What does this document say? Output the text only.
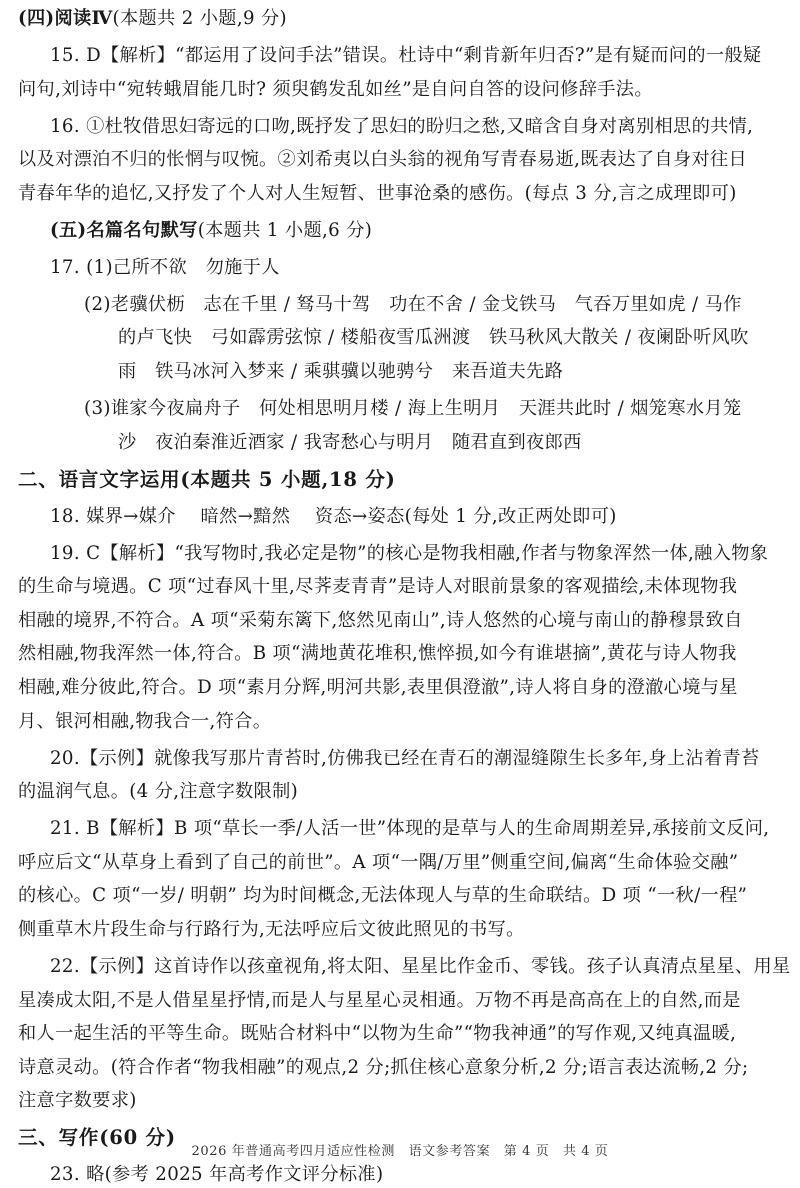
(四)阅读Ⅳ(本题共 2 小题,9 分)
15. D【解析】“都运用了设问手法”错误。杜诗中“剩肯新年归否?”是有疑而问的一般疑
问句,刘诗中“宛转蛾眉能几时? 须臾鹤发乱如丝”是自问自答的设问修辞手法。
16. ①杜牧借思妇寄远的口吻,既抒发了思妇的盼归之愁,又暗含自身对离别相思的共情,
以及对漂泊不归的怅惘与叹惋。②刘希夷以白头翁的视角写青春易逝,既表达了自身对往日
青春年华的追忆,又抒发了个人对人生短暂、世事沧桑的感伤。(每点 3 分,言之成理即可)
(五)名篇名句默写(本题共 1 小题,6 分)
17. (1)己所不欲　勿施于人
(2)老骥伏枥　志在千里 / 驽马十驾　功在不舍 / 金戈铁马　气吞万里如虎 / 马作
的卢飞快　弓如霹雳弦惊 / 楼船夜雪瓜洲渡　铁马秋风大散关 / 夜阑卧听风吹
雨　铁马冰河入梦来 / 乘骐骥以驰骋兮　来吾道夫先路
(3)谁家今夜扁舟子　何处相思明月楼 / 海上生明月　天涯共此时 / 烟笼寒水月笼
沙　夜泊秦淮近酒家 / 我寄愁心与明月　随君直到夜郎西
二、语言文字运用(本题共 5 小题,18 分)
18. 媒界→媒介　 暗然→黯然　 资态→姿态(每处 1 分,改正两处即可)
19. C【解析】“我写物时,我必定是物”的核心是物我相融,作者与物象浑然一体,融入物象
的生命与境遇。C 项“过春风十里,尽荠麦青青”是诗人对眼前景象的客观描绘,未体现物我
相融的境界,不符合。A 项“采菊东篱下,悠然见南山”,诗人悠然的心境与南山的静穆景致自
然相融,物我浑然一体,符合。B 项“满地黄花堆积,憔悴损,如今有谁堪摘”,黄花与诗人物我
相融,难分彼此,符合。D 项“素月分辉,明河共影,表里俱澄澈”,诗人将自身的澄澈心境与星
月、银河相融,物我合一,符合。
20.【示例】就像我写那片青苔时,仿佛我已经在青石的潮湿缝隙生长多年,身上沾着青苔
的温润气息。(4 分,注意字数限制)
21. B【解析】B 项“草长一季/人活一世”体现的是草与人的生命周期差异,承接前文反问,
呼应后文“从草身上看到了自己的前世”。A 项“一隅/万里”侧重空间,偏离“生命体验交融”
的核心。C 项“一岁/ 明朝” 均为时间概念,无法体现人与草的生命联结。D 项 “一秋/一程”
侧重草木片段生命与行路行为,无法呼应后文彼此照见的书写。
22.【示例】这首诗作以孩童视角,将太阳、星星比作金币、零钱。孩子认真清点星星、用星
星凑成太阳,不是人借星星抒情,而是人与星星心灵相通。万物不再是高高在上的自然,而是
和人一起生活的平等生命。既贴合材料中“以物为生命”“物我神通”的写作观,又纯真温暖,
诗意灵动。(符合作者“物我相融”的观点,2 分;抓住核心意象分析,2 分;语言表达流畅,2 分;
注意字数要求)
2026 年普通高考四月适应性检测　语文参考答案　第 4 页　共 4 页
三、写作(60 分)
23. 略(参考 2025 年高考作文评分标准)
